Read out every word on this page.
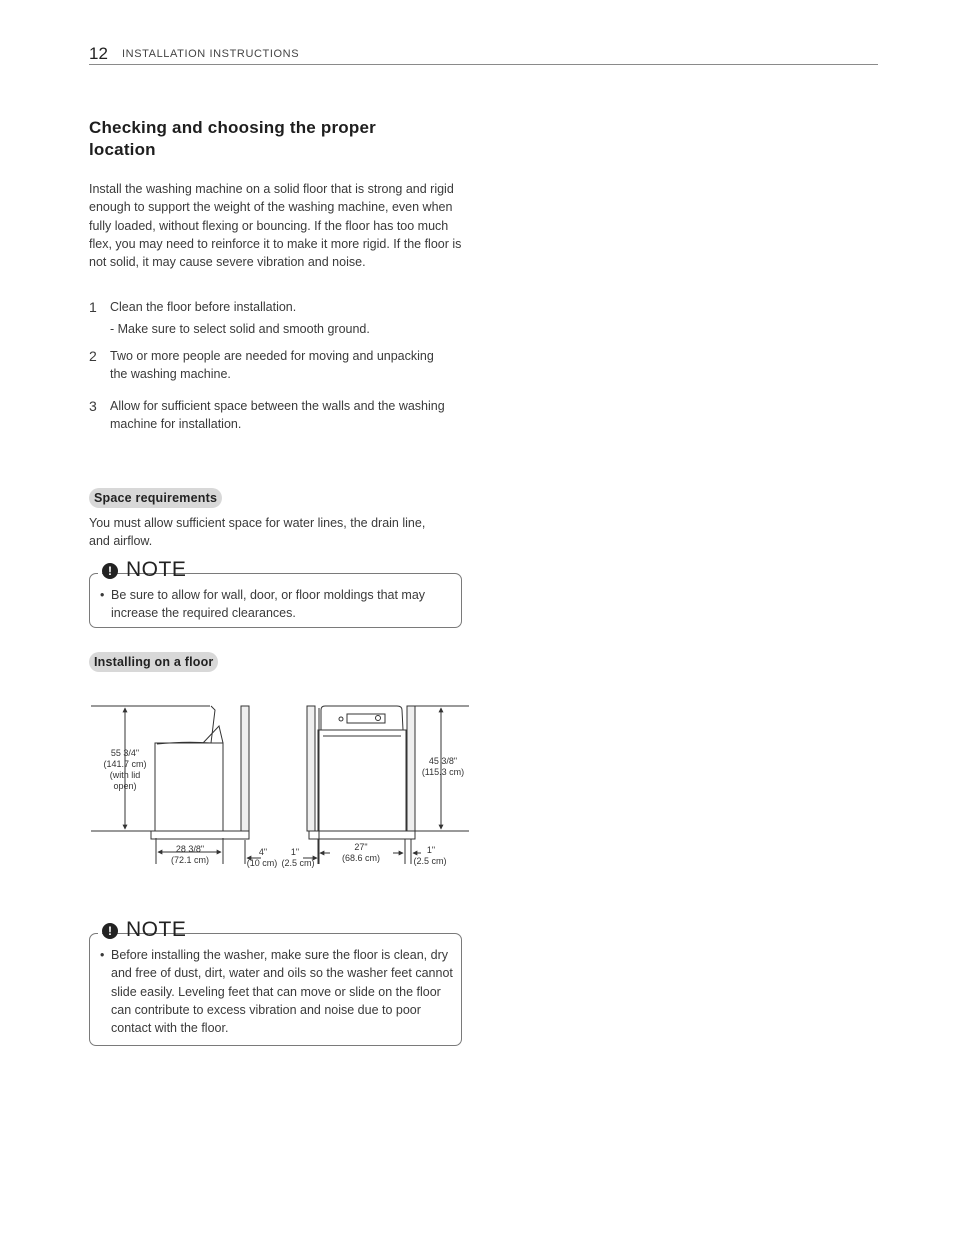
12 INSTALLATION INSTRUCTIONS
Checking and choosing the proper
location

Install the washing machine on a solid floor that is strong and rigid enough to support the weight of the washing machine, even when fully loaded, without flexing or bouncing. If the floor has too much flex, you may need to reinforce it to make it more rigid. If the floor is not solid, it may cause severe vibration and noise.

1 Clean the floor before installation.
- Make sure to select solid and smooth ground.
2 Two or more people are needed for moving and unpacking the washing machine.
3 Allow for sufficient space between the walls and the washing machine for installation.
Space requirements

You must allow sufficient space for water lines, the drain line, and airflow.

! NOTE
• Be sure to allow for wall, door, or floor moldings that may increase the required clearances.
Installing on a floor
55 3/4"
(141.7 cm)
(with lid
open)
28 3/8"
(72.1 cm)
4"
(10 cm)
1"
(2.5 cm)
45 3/8"
(115.3 cm)
27"
(68.6 cm)
1"
(2.5 cm)
! NOTE
• Before installing the washer, make sure the floor is clean, dry and free of dust, dirt, water and oils so the washer feet cannot slide easily. Leveling feet that can move or slide on the floor can contribute to excess vibration and noise due to poor contact with the floor.
